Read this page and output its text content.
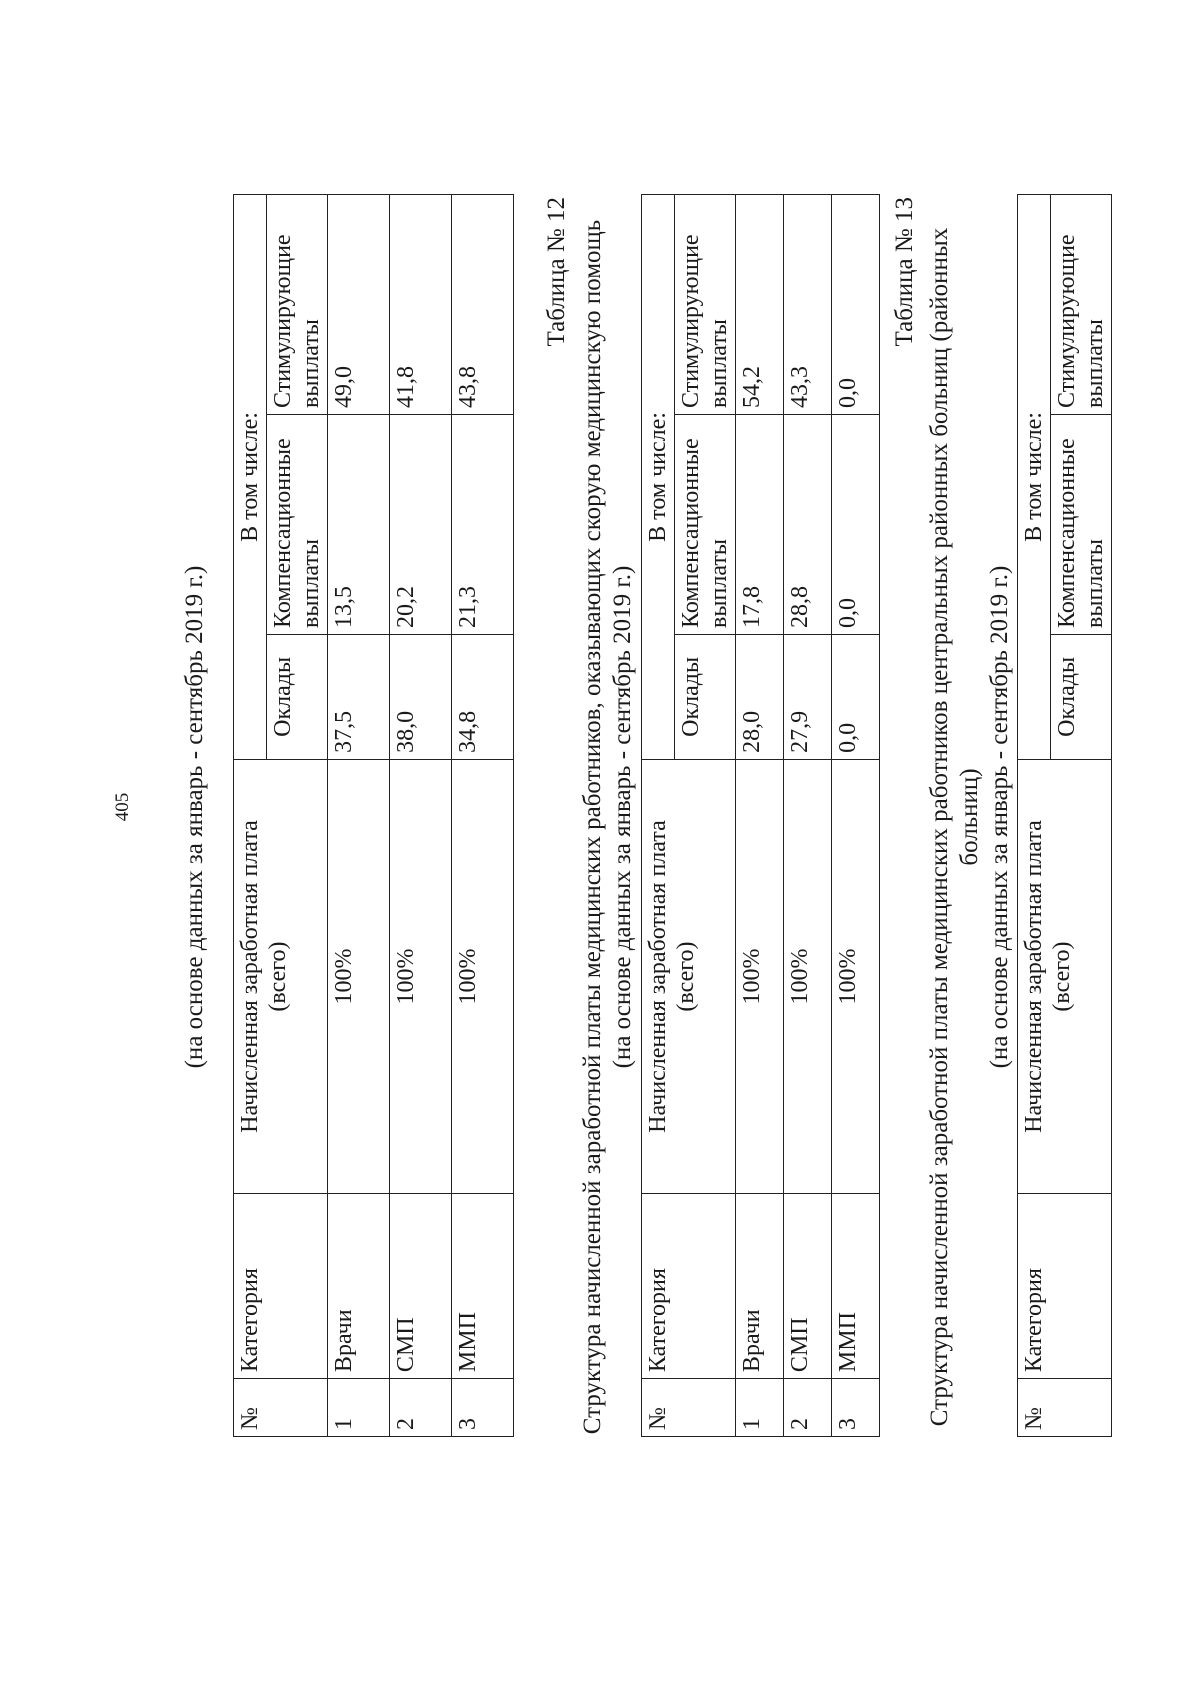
405 (на основе данных за январь - сентябрь 2019 г.)
№	Категория	Начисленная заработная плата (всего)	В том числе:		
			Оклады	Компенсационные выплаты	Стимулирующие выплаты
1	Врачи	100%	37,5	13,5	49,0
2	СМП	100%	38,0	20,2	41,8
3	ММП	100%	34,8	21,3	43,8
Таблица № 12 Структура начисленной заработной платы медицинских работников, оказывающих скорую медицинскую помощь (на основе данных за январь - сентябрь 2019 г.)
№	Категория	Начисленная заработная плата (всего)	В том числе:		
			Оклады	Компенсационные выплаты	Стимулирующие выплаты
1	Врачи	100%	28,0	17,8	54,2
2	СМП	100%	27,9	28,8	43,3
3	ММП	100%	0,0	0,0	0,0
Таблица № 13 Структура начисленной заработной платы медицинских работников центральных районных больниц (районных больниц) (на основе данных за январь - сентябрь 2019 г.)
№	Категория	Начисленная заработная плата (всего)	В том числе:		
			Оклады	Компенсационные выплаты	Стимулирующие выплаты
